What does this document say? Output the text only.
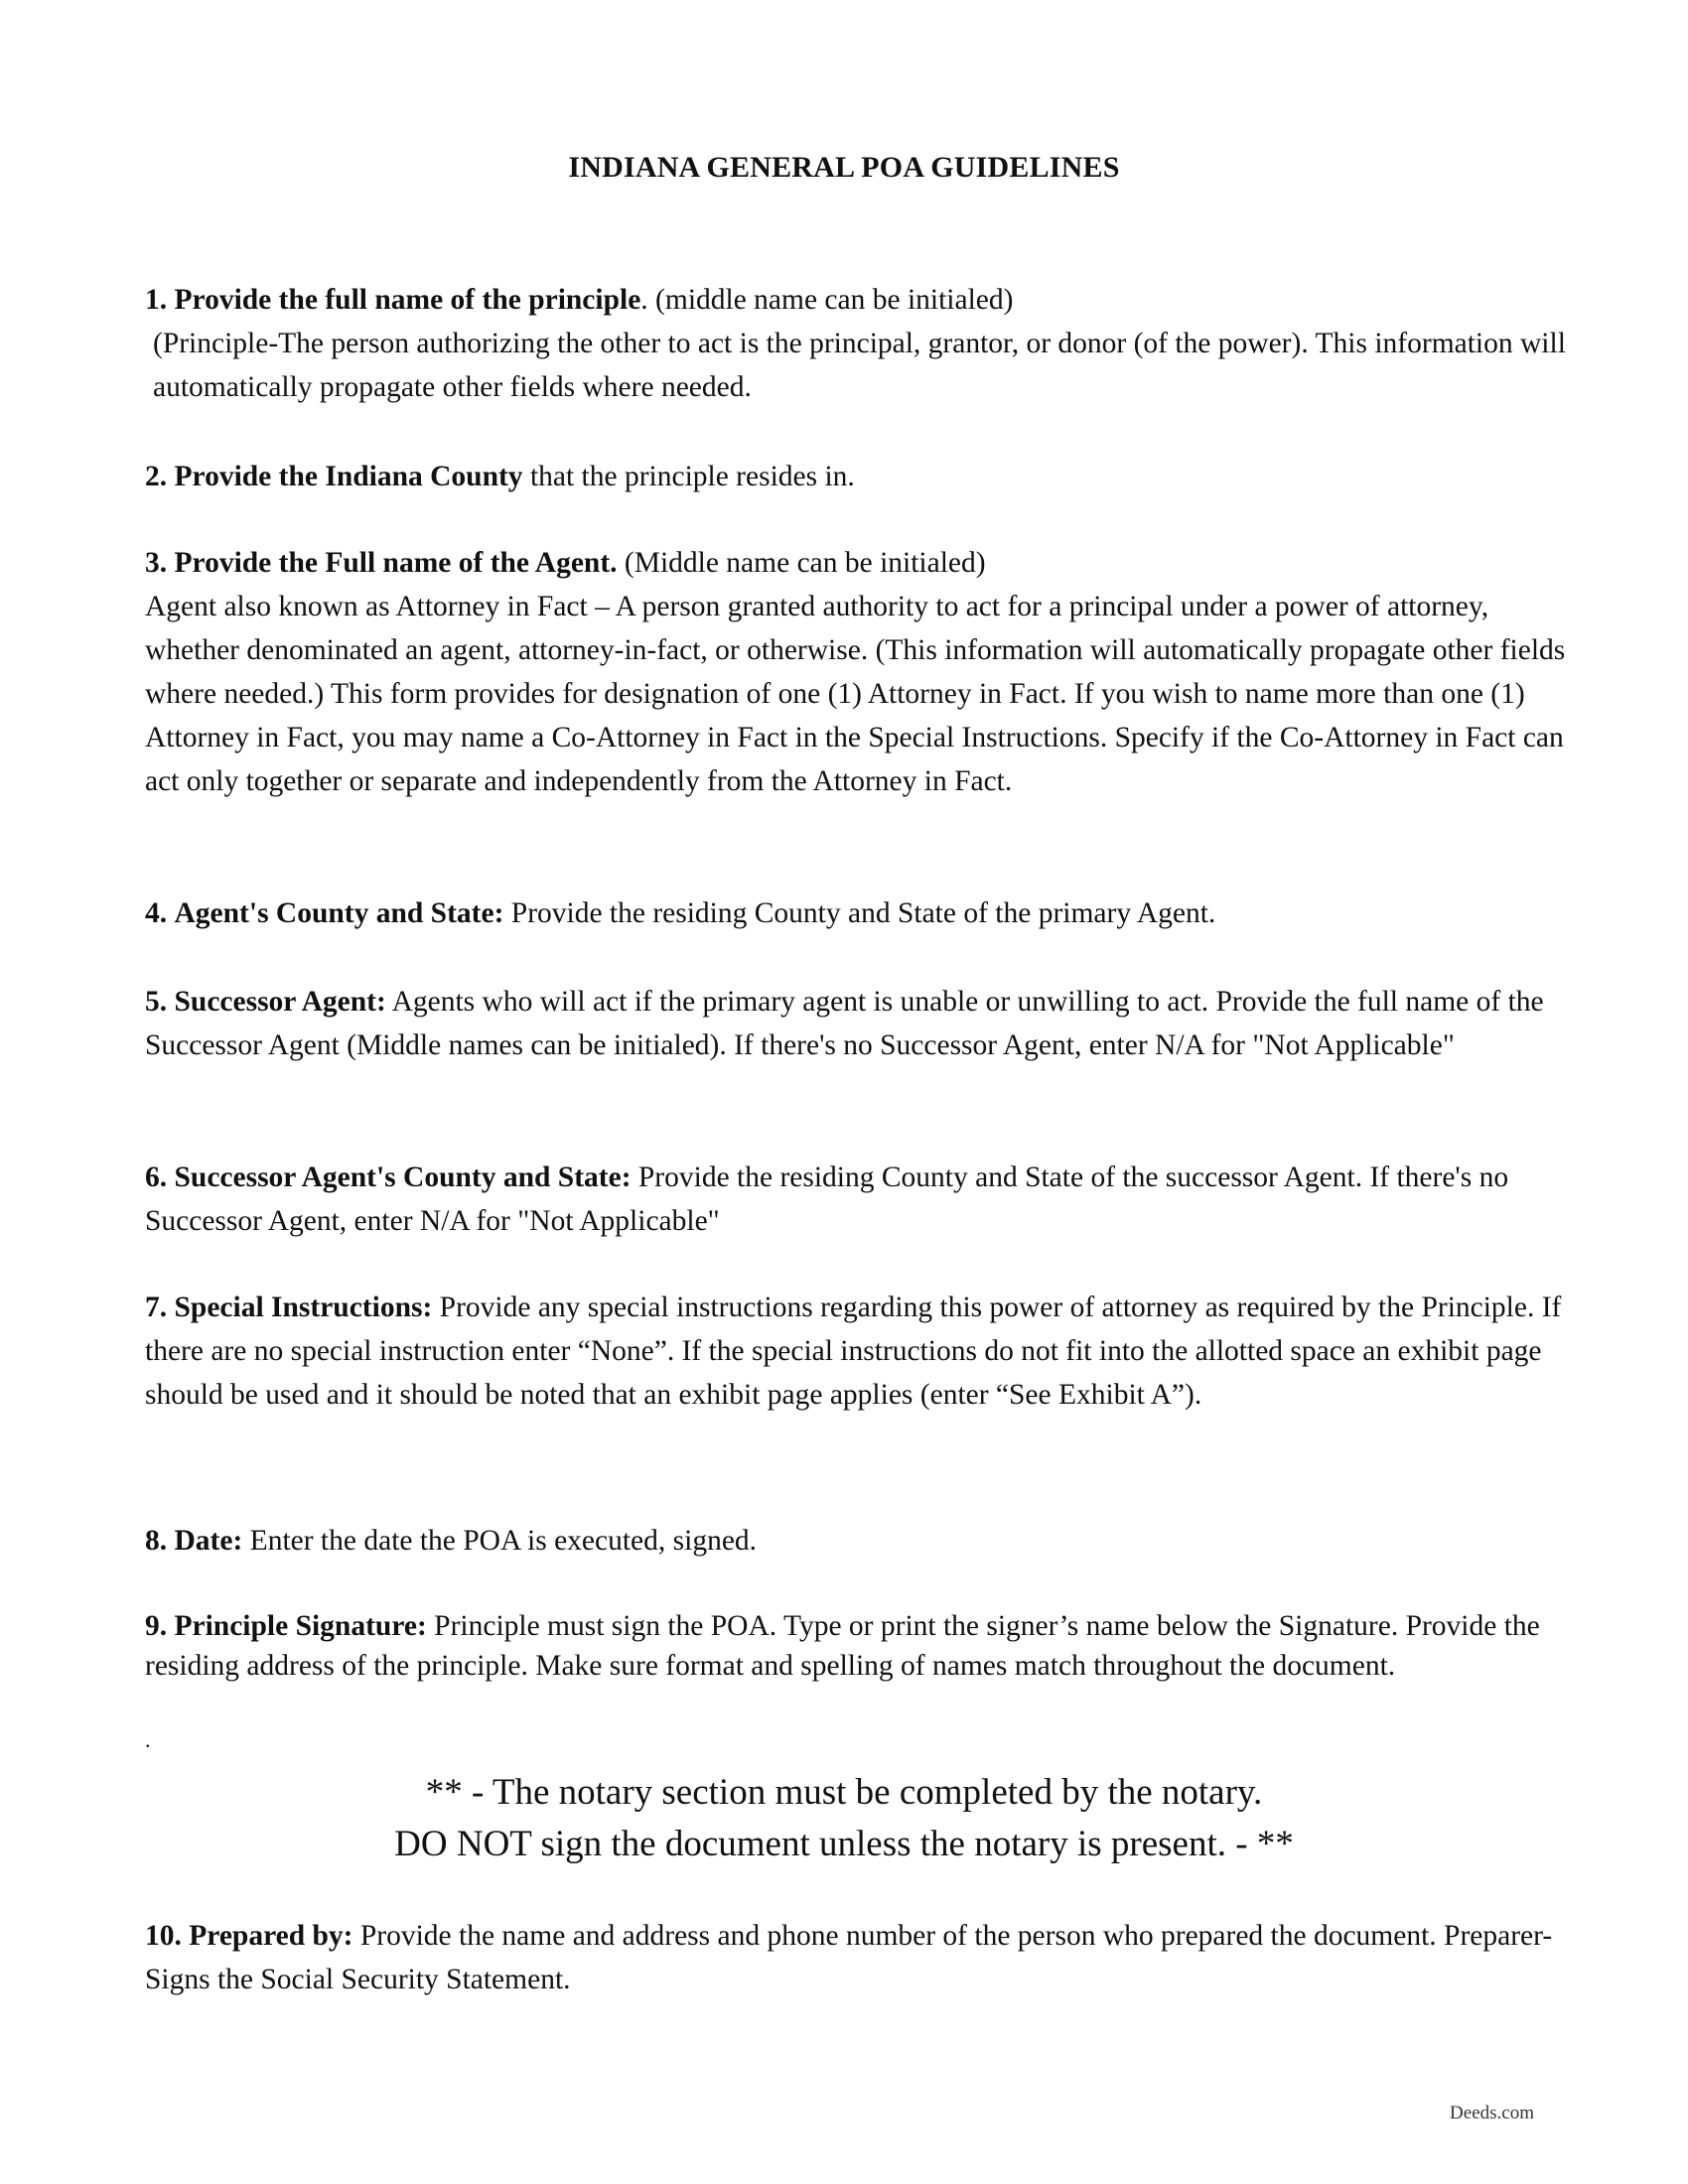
INDIANA GENERAL POA GUIDELINES

1. Provide the full name of the principle. (middle name can be initialed)

(Principle-The person authorizing the other to act is the principal, grantor, or donor (of the power). This information will automatically propagate other fields where needed.

2. Provide the Indiana County that the principle resides in.

3. Provide the Full name of the Agent. (Middle name can be initialed)

Agent also known as Attorney in Fact – A person granted authority to act for a principal under a power of attorney, whether denominated an agent, attorney-in-fact, or otherwise. (This information will automatically propagate other fields where needed.) This form provides for designation of one (1) Attorney in Fact. If you wish to name more than one (1) Attorney in Fact, you may name a Co-Attorney in Fact in the Special Instructions. Specify if the Co-Attorney in Fact can act only together or separate and independently from the Attorney in Fact.

4. Agent's County and State: Provide the residing County and State of the primary Agent.

5. Successor Agent: Agents who will act if the primary agent is unable or unwilling to act. Provide the full name of the Successor Agent (Middle names can be initialed). If there's no Successor Agent, enter N/A for "Not Applicable"

6. Successor Agent's County and State: Provide the residing County and State of the successor Agent. If there's no Successor Agent, enter N/A for "Not Applicable"

7. Special Instructions: Provide any special instructions regarding this power of attorney as required by the Principle. If there are no special instruction enter “None”. If the special instructions do not fit into the allotted space an exhibit page should be used and it should be noted that an exhibit page applies (enter “See Exhibit A”).

8. Date: Enter the date the POA is executed, signed.

9. Principle Signature: Principle must sign the POA. Type or print the signer’s name below the Signature. Provide the residing address of the principle. Make sure format and spelling of names match throughout the document.

.
** - The notary section must be completed by the notary.
DO NOT sign the document unless the notary is present. - **

10. Prepared by: Provide the name and address and phone number of the person who prepared the document. Preparer-Signs the Social Security Statement.

Deeds.com
